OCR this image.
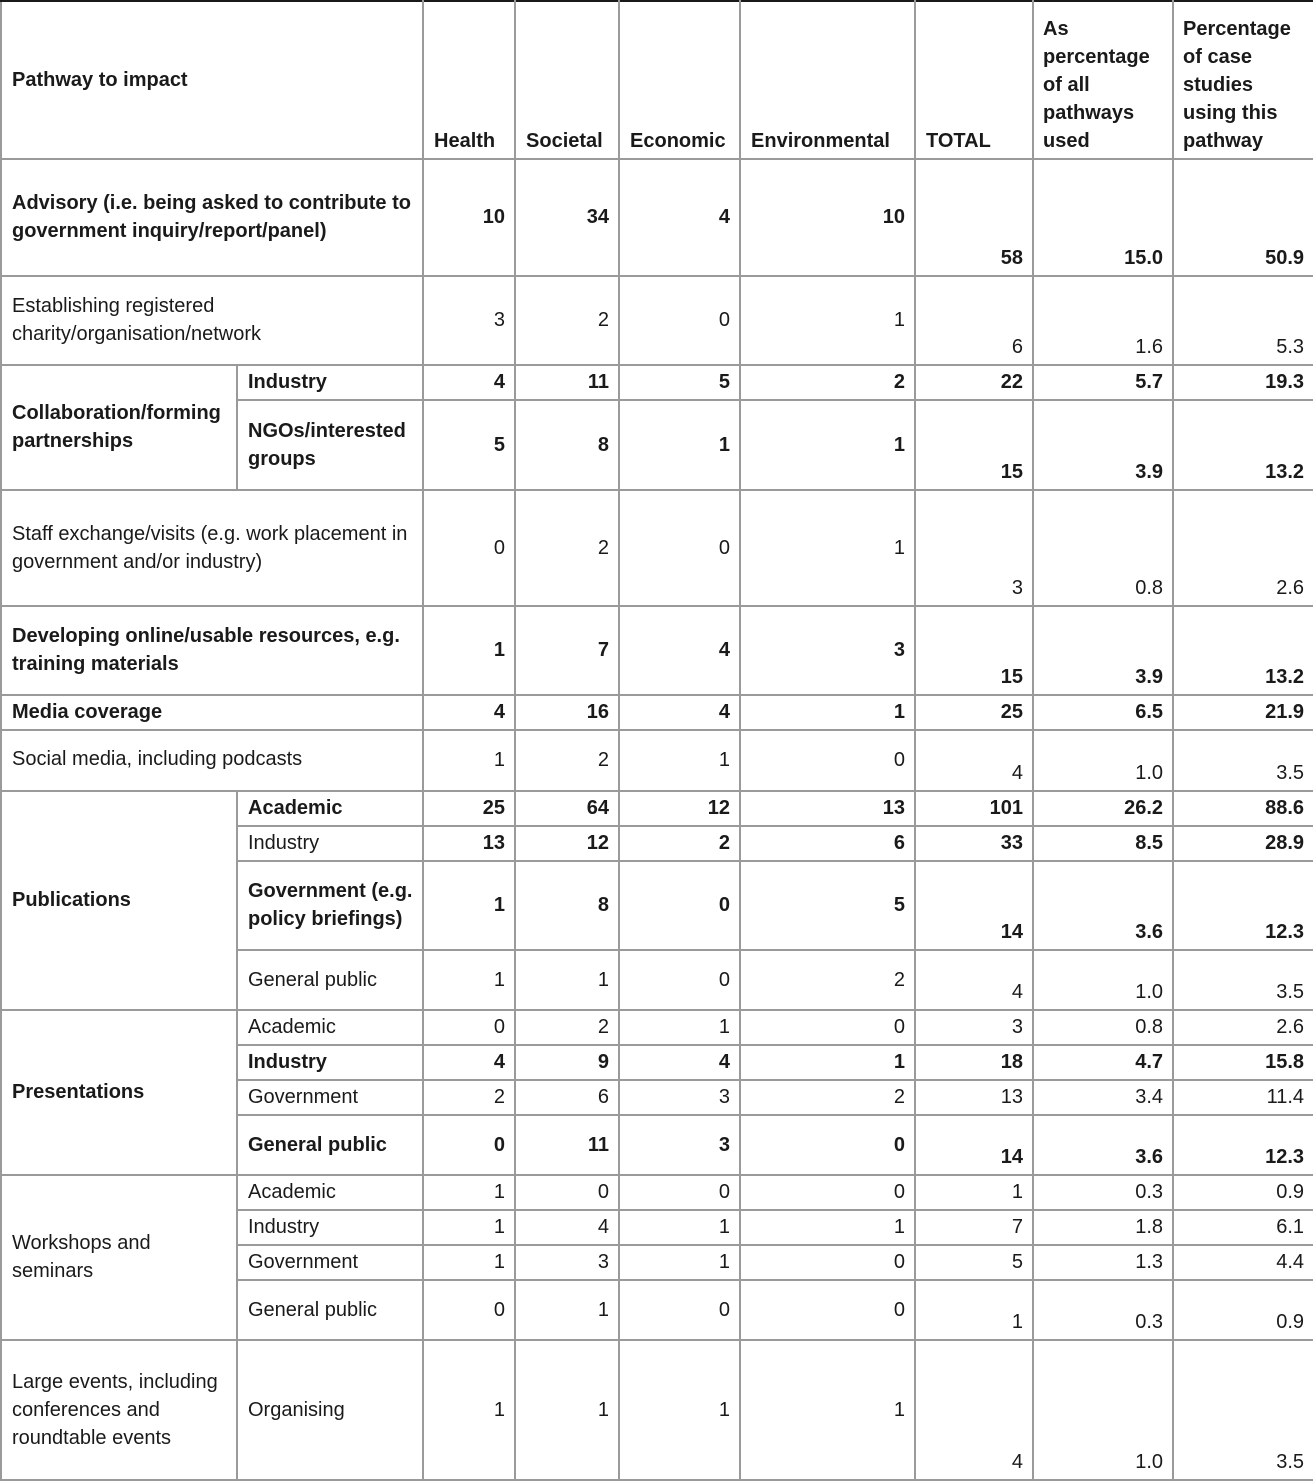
Pathway to impact		Health	Societal	Economic	Environmental	TOTAL	As percentage of all pathways used	Percentage of case studies using this pathway
Advisory (i.e. being asked to contribute to government inquiry/report/panel)		10	34	4	10	58	15.0	50.9
Establishing registered charity/organisation/network		3	2	0	1	6	1.6	5.3
Collaboration/forming partnerships	Industry	4	11	5	2	22	5.7	19.3
	NGOs/interested groups	5	8	1	1	15	3.9	13.2
Staff exchange/visits (e.g. work placement in government and/or industry)		0	2	0	1	3	0.8	2.6
Developing online/usable resources, e.g. training materials		1	7	4	3	15	3.9	13.2
Media coverage		4	16	4	1	25	6.5	21.9
Social media, including podcasts		1	2	1	0	4	1.0	3.5
Publications	Academic	25	64	12	13	101	26.2	88.6
	Industry	13	12	2	6	33	8.5	28.9
	Government (e.g. policy briefings)	1	8	0	5	14	3.6	12.3
	General public	1	1	0	2	4	1.0	3.5
Presentations	Academic	0	2	1	0	3	0.8	2.6
	Industry	4	9	4	1	18	4.7	15.8
	Government	2	6	3	2	13	3.4	11.4
	General public	0	11	3	0	14	3.6	12.3
Workshops and seminars	Academic	1	0	0	0	1	0.3	0.9
	Industry	1	4	1	1	7	1.8	6.1
	Government	1	3	1	0	5	1.3	4.4
	General public	0	1	0	0	1	0.3	0.9
Large events, including conferences and roundtable events	Organising	1	1	1	1	4	1.0	3.5
